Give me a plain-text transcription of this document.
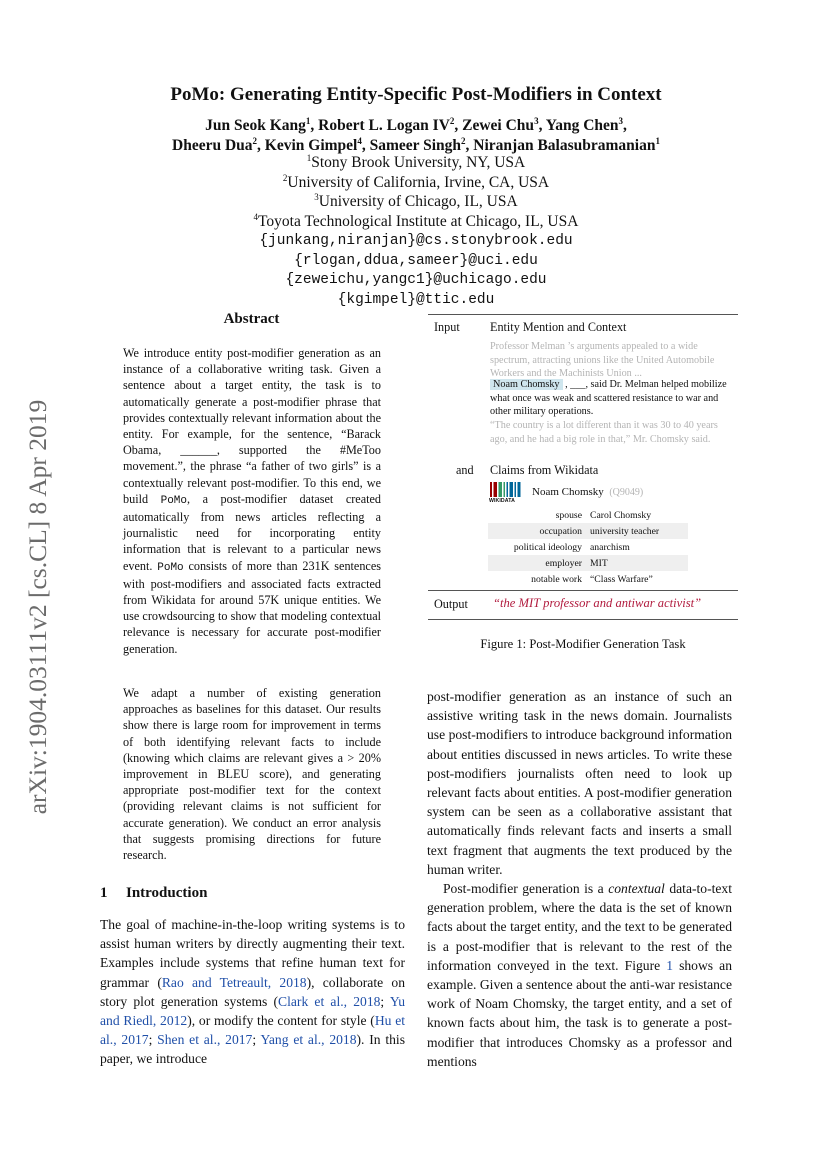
arXiv:1904.03111v2 [cs.CL] 8 Apr 2019
PoMo: Generating Entity-Specific Post-Modifiers in Context
Jun Seok Kang$^1$, Robert L. Logan $IV^2$, Zewei Chu$^3$, Yang Chen$^3$,
Dheeru Dua$^2$, Kevin Gimpel$^4$, Sameer Singh$^2$, Niranjan Balasubramanian$^1$
$^1$Stony Brook University, NY, USA
$^2$University of California, Irvine, CA, USA
$^3$University of Chicago, IL, USA
$^4$Toyota Technological Institute at Chicago, IL, USA
{junkang,niranjan}@cs.stonybrook.edu
{rlogan,ddua,sameer}@uci.edu
{zeweichu,yangc1}@uchicago.edu
{kgimpel}@ttic.edu
Abstract

We introduce entity post-modifier generation as an instance of a collaborative writing task. Given a sentence about a target entity, the task is to automatically generate a post-modifier phrase that provides contextually relevant information about the entity. For example, for the sentence, “Barack Obama, ______, supported the #MeToo movement.”, the phrase “a father of two girls” is a contextually relevant post-modifier. To this end, we build PoMo, a post-modifier dataset created automatically from news articles reflecting a journalistic need for incorporating entity information that is relevant to a particular news event. PoMo consists of more than 231K sentences with post-modifiers and associated facts extracted from Wikidata for around 57K unique entities. We use crowdsourcing to show that modeling contextual relevance is necessary for accurate post-modifier generation.

We adapt a number of existing generation approaches as baselines for this dataset. Our results show there is large room for improvement in terms of both identifying relevant facts to include (knowing which claims are relevant gives a > 20% improvement in BLEU score), and generating appropriate post-modifier text for the context (providing relevant claims is not sufficient for accurate generation). We conduct an error analysis that suggests promising directions for future research.

1 Introduction

The goal of machine-in-the-loop writing systems is to assist human writers by directly augmenting their text. Examples include systems that refine human text for grammar (Rao and Tetreault, 2018), collaborate on story plot generation systems (Clark et al., 2018; Yu and Riedl, 2012), or modify the content for style (Hu et al., 2017; Shen et al., 2017; Yang et al., 2018). In this paper, we introduce

post-modifier generation as an instance of such an assistive writing task in the news domain. Journalists use post-modifiers to introduce background information about entities discussed in news articles. To write these post-modifiers journalists often need to look up relevant facts about entities. A post-modifier generation system can be seen as a collaborative assistant that automatically finds relevant facts and inserts a small text fragment that augments the text produced by the human writer.

Post-modifier generation is a contextual data-to-text generation problem, where the data is the set of known facts about the target entity, and the text to be generated is a post-modifier that is relevant to the rest of the information conveyed in the text. Figure 1 shows an example. Given a sentence about the anti-war resistance work of Noam Chomsky, the target entity, and a set of known facts about him, the task is to generate a post-modifier that introduces Chomsky as a professor and mentions

Input	Entity Mention and Context
Professor Melman ’s arguments appealed to a wide spectrum, attracting unions like the United Automobile Workers and the Machinists Union ...
Noam Chomsky , ___, said Dr. Melman helped mobilize what once was weak and scattered resistance to war and other military operations.
“The country is a lot different than it was 30 to 40 years ago, and he had a big role in that,” Mr. Chomsky said.
and	Claims from Wikidata
WIKIDATA
Noam Chomsky (Q9049)
spouse	Carol Chomsky
occupation	university teacher
political ideology	anarchism
employer	MIT
notable work	“Class Warfare”
Output	“the MIT professor and antiwar activist”
Figure 1: Post-Modifier Generation Task
